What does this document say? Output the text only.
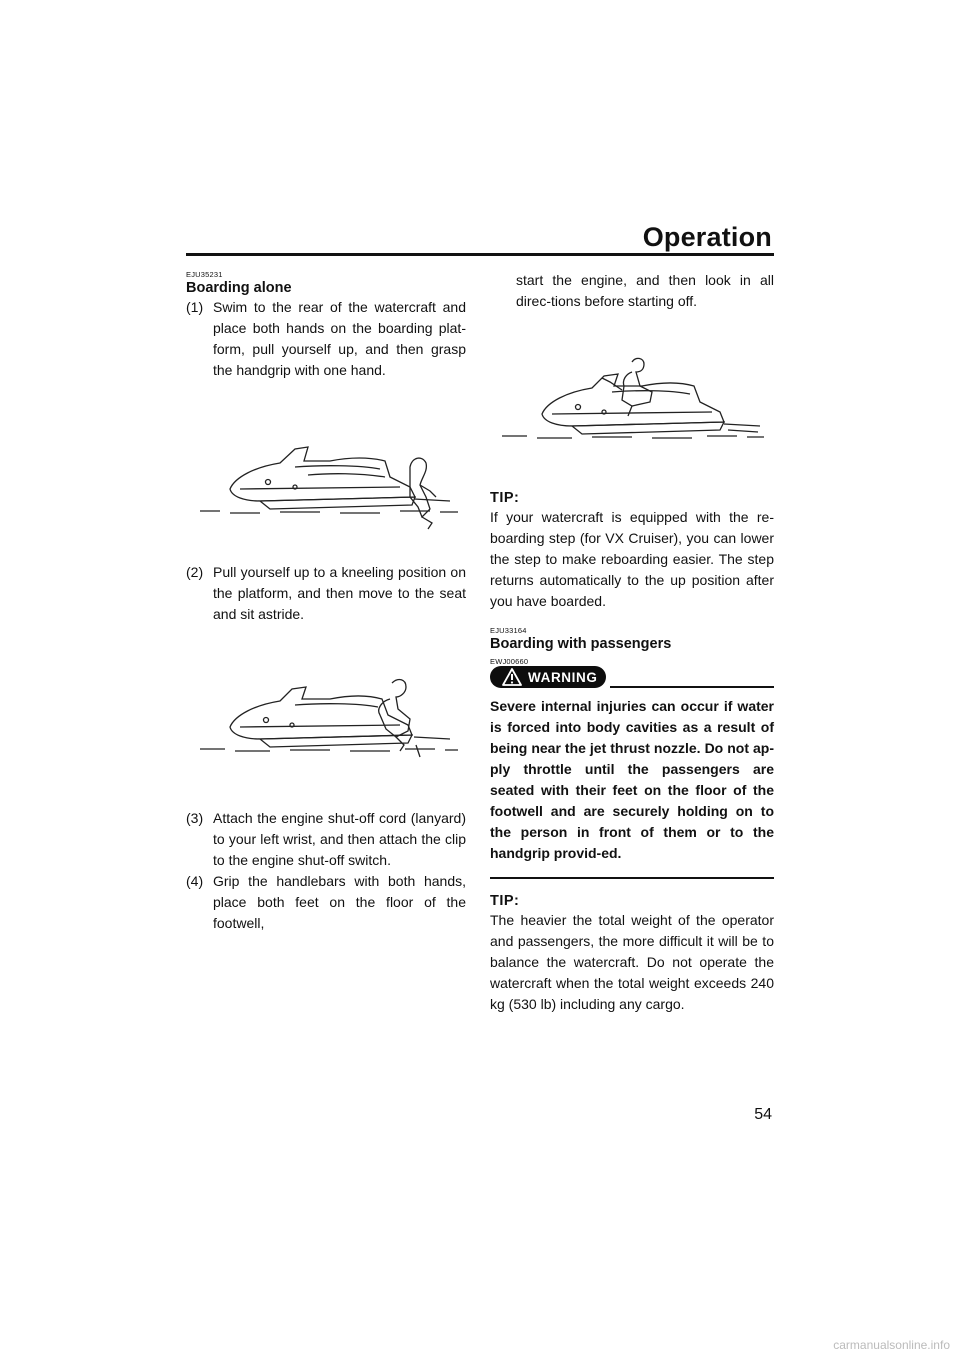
Operation
EJU35231
Boarding alone
(1) Swim to the rear of the watercraft and place both hands on the boarding plat-form, pull yourself up, and then grasp the handgrip with one hand.
(2) Pull yourself up to a kneeling position on the platform, and then move to the seat and sit astride.
(3) Attach the engine shut-off cord (lanyard) to your left wrist, and then attach the clip to the engine shut-off switch.
(4) Grip the handlebars with both hands, place both feet on the floor of the footwell,
start the engine, and then look in all direc-tions before starting off.
TIP:
If your watercraft is equipped with the re-boarding step (for VX Cruiser), you can lower the step to make reboarding easier. The step returns automatically to the up position after you have boarded.
EJU33164
Boarding with passengers
EWJ00660
WARNING
Severe internal injuries can occur if water is forced into body cavities as a result of being near the jet thrust nozzle. Do not ap-ply throttle until the passengers are seated with their feet on the floor of the footwell and are securely holding on to the person in front of them or to the handgrip provid-ed.
TIP:
The heavier the total weight of the operator and passengers, the more difficult it will be to balance the watercraft. Do not operate the watercraft when the total weight exceeds 240 kg (530 lb) including any cargo.
54
carmanualsonline.info
